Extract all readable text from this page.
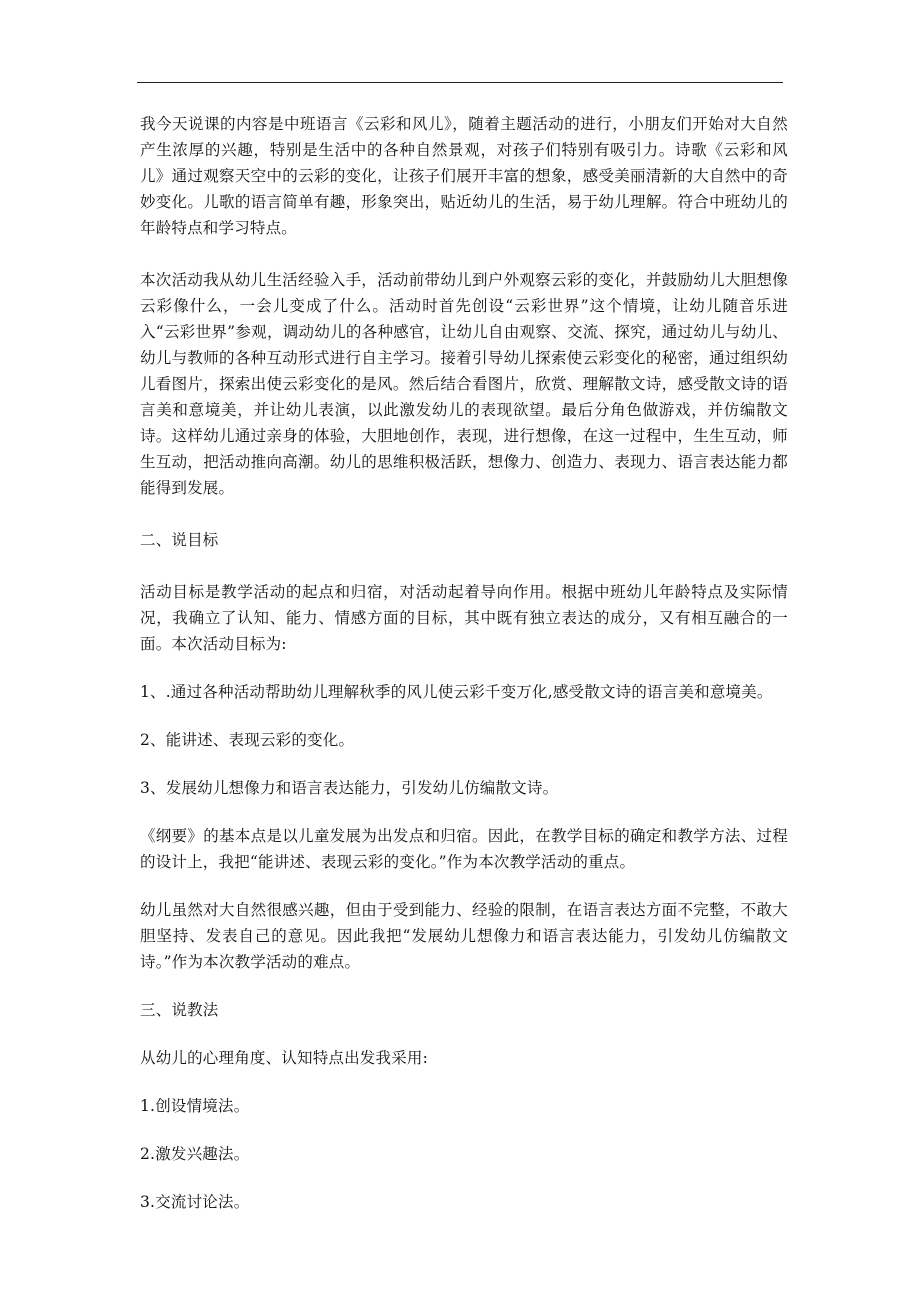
我今天说课的内容是中班语言《云彩和风儿》，随着主题活动的进行，小朋友们开始对大自然产生浓厚的兴趣，特别是生活中的各种自然景观，对孩子们特别有吸引力。诗歌《云彩和风儿》通过观察天空中的云彩的变化，让孩子们展开丰富的想象，感受美丽清新的大自然中的奇妙变化。儿歌的语言简单有趣，形象突出，贴近幼儿的生活，易于幼儿理解。符合中班幼儿的年龄特点和学习特点。

本次活动我从幼儿生活经验入手，活动前带幼儿到户外观察云彩的变化，并鼓励幼儿大胆想像云彩像什么，一会儿变成了什么。活动时首先创设“云彩世界”这个情境，让幼儿随音乐进入“云彩世界”参观，调动幼儿的各种感官，让幼儿自由观察、交流、探究，通过幼儿与幼儿、幼儿与教师的各种互动形式进行自主学习。接着引导幼儿探索使云彩变化的秘密，通过组织幼儿看图片，探索出使云彩变化的是风。然后结合看图片，欣赏、理解散文诗，感受散文诗的语言美和意境美，并让幼儿表演，以此激发幼儿的表现欲望。最后分角色做游戏，并仿编散文诗。这样幼儿通过亲身的体验，大胆地创作，表现，进行想像，在这一过程中，生生互动，师生互动，把活动推向高潮。幼儿的思维积极活跃，想像力、创造力、表现力、语言表达能力都能得到发展。

二、说目标

活动目标是教学活动的起点和归宿，对活动起着导向作用。根据中班幼儿年龄特点及实际情况，我确立了认知、能力、情感方面的目标，其中既有独立表达的成分，又有相互融合的一面。本次活动目标为:

1、.通过各种活动帮助幼儿理解秋季的风儿使云彩千变万化,感受散文诗的语言美和意境美。

2、能讲述、表现云彩的变化。

3、发展幼儿想像力和语言表达能力，引发幼儿仿编散文诗。

《纲要》的基本点是以儿童发展为出发点和归宿。因此，在教学目标的确定和教学方法、过程的设计上，我把“能讲述、表现云彩的变化。”作为本次教学活动的重点。

幼儿虽然对大自然很感兴趣，但由于受到能力、经验的限制，在语言表达方面不完整，不敢大胆坚持、发表自己的意见。因此我把“发展幼儿想像力和语言表达能力，引发幼儿仿编散文诗。”作为本次教学活动的难点。

三、说教法

从幼儿的心理角度、认知特点出发我采用:

1.创设情境法。

2.激发兴趣法。

3.交流讨论法。
